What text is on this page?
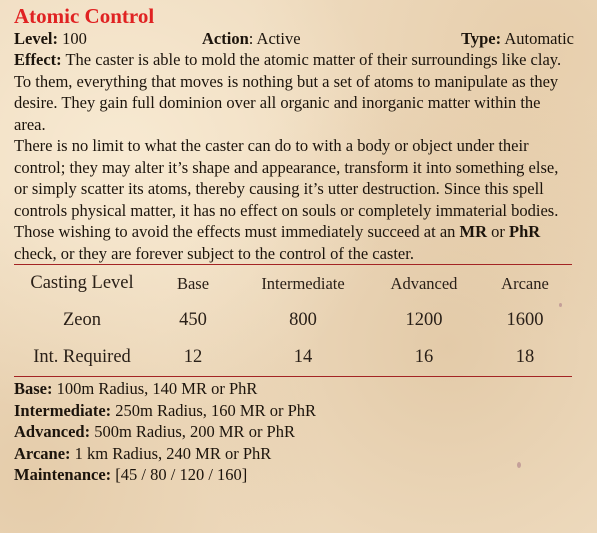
Atomic Control
Level: 100	Action: Active	Type: Automatic

Effect: The caster is able to mold the atomic matter of their surroundings like clay. To them, everything that moves is nothing but a set of atoms to manipulate as they desire. They gain full dominion over all organic and inorganic matter within the area.

There is no limit to what the caster can do to with a body or object under their control; they may alter it’s shape and appearance, transform it into something else, or simply scatter its atoms, thereby causing it’s utter destruction. Since this spell controls physical matter, it has no effect on souls or completely immaterial bodies. Those wishing to avoid the effects must immediately succeed at an MR or PhR check, or they are forever subject to the control of the caster.

Casting Level	Base	Intermediate	Advanced	Arcane
Zeon	450	800	1200	1600
Int. Required	12	14	16	18
Base: 100m Radius, 140 MR or PhR
Intermediate: 250m Radius, 160 MR or PhR
Advanced: 500m Radius, 200 MR or PhR
Arcane: 1 km Radius, 240 MR or PhR
Maintenance: [45 / 80 / 120 / 160]
